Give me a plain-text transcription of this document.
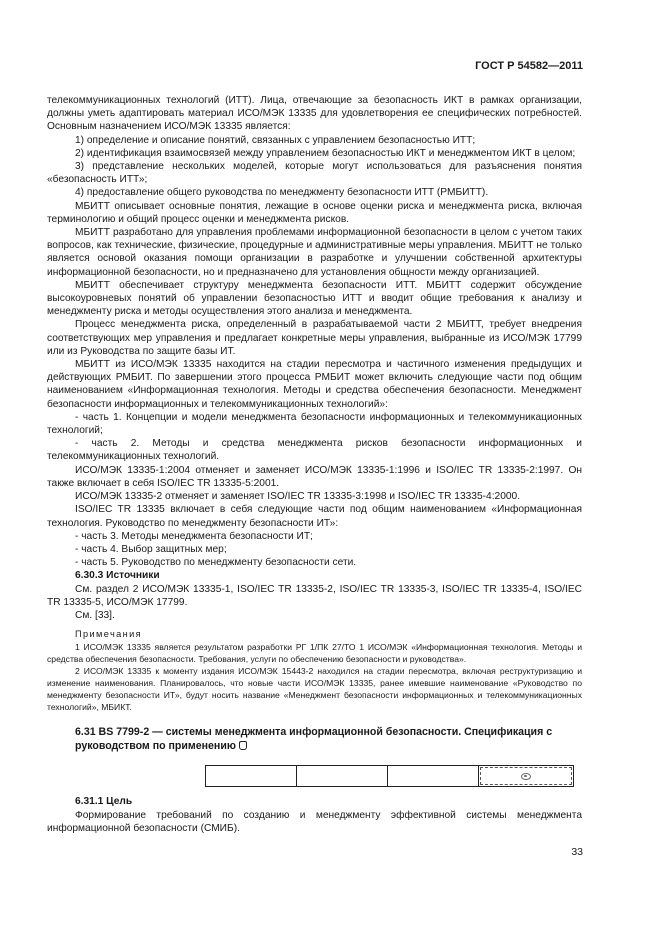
ГОСТ Р 54582—2011

телекоммуникационных технологий (ИТТ). Лица, отвечающие за безопасность ИКТ в рамках организации, должны уметь адаптировать материал ИСО/МЭК 13335 для удовлетворения ее специфических потребностей. Основным назначением ИСО/МЭК 13335 является:

1) определение и описание понятий, связанных с управлением безопасностью ИТТ;

2) идентификация взаимосвязей между управлением безопасностью ИКТ и менеджментом ИКТ в целом;

3) представление нескольких моделей, которые могут использоваться для разъяснения понятия «безопасность ИТТ»;

4) предоставление общего руководства по менеджменту безопасности ИТТ (РМБИТТ).

МБИТТ описывает основные понятия, лежащие в основе оценки риска и менеджмента риска, включая терминологию и общий процесс оценки и менеджмента рисков.

МБИТТ разработано для управления проблемами информационной безопасности в целом с учетом таких вопросов, как технические, физические, процедурные и административные меры управления. МБИТТ не только является основой оказания помощи организации в разработке и улучшении собственной архитектуры информационной безопасности, но и предназначено для установления общности между организацией.

МБИТТ обеспечивает структуру менеджмента безопасности ИТТ. МБИТТ содержит обсуждение высокоуровневых понятий об управлении безопасностью ИТТ и вводит общие требования к анализу и менеджменту риска и методы осуществления этого анализа и менеджмента.

Процесс менеджмента риска, определенный в разрабатываемой части 2 МБИТТ, требует внедрения соответствующих мер управления и предлагает конкретные меры управления, выбранные из ИСО/МЭК 17799 или из Руководства по защите базы ИТ.

МБИТТ из ИСО/МЭК 13335 находится на стадии пересмотра и частичного изменения предыдущих и действующих РМБИТ. По завершении этого процесса РМБИТ может включить следующие части под общим наименованием «Информационная технология. Методы и средства обеспечения безопасности. Менеджмент безопасности информационных и телекоммуникационных технологий»:

- часть 1. Концепции и модели менеджмента безопасности информационных и телекоммуникационных технологий;

- часть 2. Методы и средства менеджмента рисков безопасности информационных и телекоммуникационных технологий.

ИСО/МЭК 13335-1:2004 отменяет и заменяет ИСО/МЭК 13335-1:1996 и ISO/IEC TR 13335-2:1997. Он также включает в себя ISO/IEC TR 13335-5:2001.

ИСО/МЭК 13335-2 отменяет и заменяет ISO/IEC TR 13335-3:1998 и ISO/IEC TR 13335-4:2000.

ISO/IEC TR 13335 включает в себя следующие части под общим наименованием «Информационная технология. Руководство по менеджменту безопасности ИТ»:

- часть 3. Методы менеджмента безопасности ИТ;

- часть 4. Выбор защитных мер;

- часть 5. Руководство по менеджменту безопасности сети.

6.30.3 Источники

См. раздел 2 ИСО/МЭК 13335-1, ISO/IEC TR 13335-2, ISO/IEC TR 13335-3, ISO/IEC TR 13335-4, ISO/IEC TR 13335-5, ИСО/МЭК 17799.

См. [33].

Примечания

1 ИСО/МЭК 13335 является результатом разработки РГ 1/ПК 27/ТО 1 ИСО/МЭК «Информационная технология. Методы и средства обеспечения безопасности. Требования, услуги по обеспечению безопасности и руководства».

2 ИСО/МЭК 13335 к моменту издания ИСО/МЭК 15443-2 находился на стадии пересмотра, включая реструктуризацию и изменение наименования. Планировалось, что новые части ИСО/МЭК 13335, ранее имевшие наименование «Руководство по менеджменту безопасности ИТ», будут носить название «Менеджмент безопасности информационных и телекоммуникационных технологий», МБИКТ.

6.31 BS 7799-2 — системы менеджмента информационной безопасности. Спецификация с руководством по применению

6.31.1 Цель

Формирование требований по созданию и менеджменту эффективной системы менеджмента информационной безопасности (СМИБ).

33
